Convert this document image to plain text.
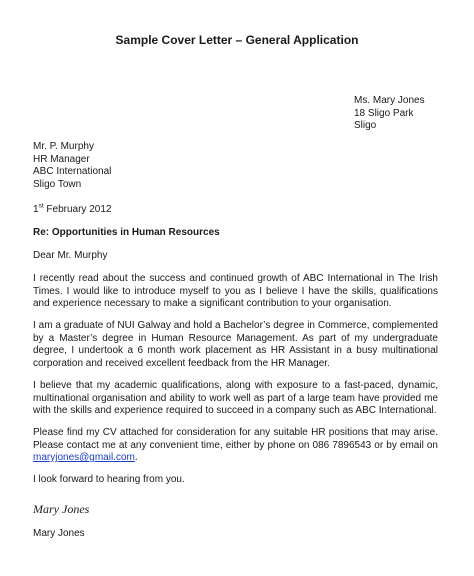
Sample Cover Letter – General Application
Ms. Mary Jones
18 Sligo Park
Sligo
Mr. P. Murphy
HR Manager
ABC International
Sligo Town
1st February 2012
Re: Opportunities in Human Resources
Dear Mr. Murphy
I recently read about the success and continued growth of ABC International in The Irish Times. I would like to introduce myself to you as I believe I have the skills, qualifications and experience necessary to make a significant contribution to your organisation.
I am a graduate of NUI Galway and hold a Bachelor’s degree in Commerce, complemented by a Master’s degree in Human Resource Management. As part of my undergraduate degree, I undertook a 6 month work placement as HR Assistant in a busy multinational corporation and received excellent feedback from the HR Manager.
I believe that my academic qualifications, along with exposure to a fast-paced, dynamic, multinational organisation and ability to work well as part of a large team have provided me with the skills and experience required to succeed in a company such as ABC International.
Please find my CV attached for consideration for any suitable HR positions that may arise. Please contact me at any convenient time, either by phone on 086 7896543 or by email on maryjones@gmail.com.
I look forward to hearing from you.
Mary Jones
Mary Jones
